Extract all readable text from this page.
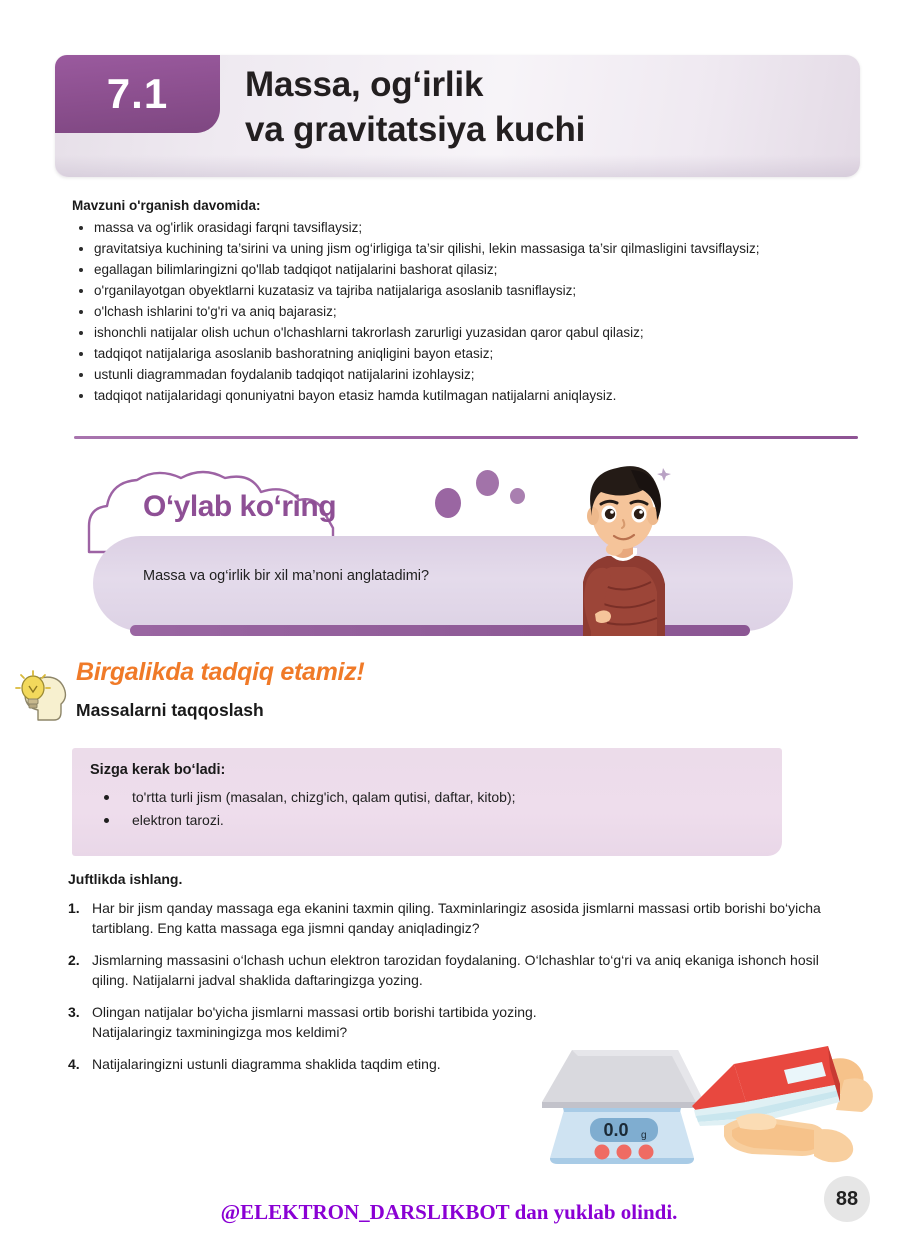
7.1	Massa, og‘irlik
va gravitatsiya kuchi
Mavzuni o'rganish davomida:
massa va og'irlik orasidagi farqni tavsiflaysiz;
gravitatsiya kuchining ta’sirini va uning jism og‘irligiga ta’sir qilishi, lekin massasiga ta’sir qilmasligini tavsiflaysiz;
egallagan bilimlaringizni qo'llab tadqiqot natijalarini bashorat qilasiz;
o'rganilayotgan obyektlarni kuzatasiz va tajriba natijalariga asoslanib tasniflaysiz;
o'lchash ishlarini to'g'ri va aniq bajarasiz;
ishonchli natijalar olish uchun o'lchashlarni takrorlash zarurligi yuzasidan qaror qabul qilasiz;
tadqiqot natijalariga asoslanib bashoratning aniqligini bayon etasiz;
ustunli diagrammadan foydalanib tadqiqot natijalarini izohlaysiz;
tadqiqot natijalaridagi qonuniyatni bayon etasiz hamda kutilmagan natijalarni aniqlaysiz.
O‘ylab ko‘ring
Massa va og‘irlik bir xil ma’noni anglatadimi?
Birgalikda tadqiq etamiz!
Massalarni taqqoslash
Sizga kerak bo‘ladi:
to'rtta turli jism (masalan, chizg'ich, qalam qutisi, daftar, kitob);
elektron tarozi.
Juftlikda ishlang.
1. Har bir jism qanday massaga ega ekanini taxmin qiling. Taxminlaringiz asosida jismlarni massasi ortib borishi bo‘yicha tartiblang. Eng katta massaga ega jismni qanday aniqladingiz?
2. Jismlarning massasini o‘lchash uchun elektron tarozidan foydalaning. O‘lchashlar to‘g‘ri va aniq ekaniga ishonch hosil qiling. Natijalarni jadval shaklida daftaringizga yozing.
3. Olingan natijalar bo'yicha jismlarni massasi ortib borishi tartibida yozing. Natijalaringiz taxminingizga mos keldimi?
4. Natijalaringizni ustunli diagramma shaklida taqdim eting.
0.0 g
88
@ELEKTRON_DARSLIKBOT dan yuklab olindi.
